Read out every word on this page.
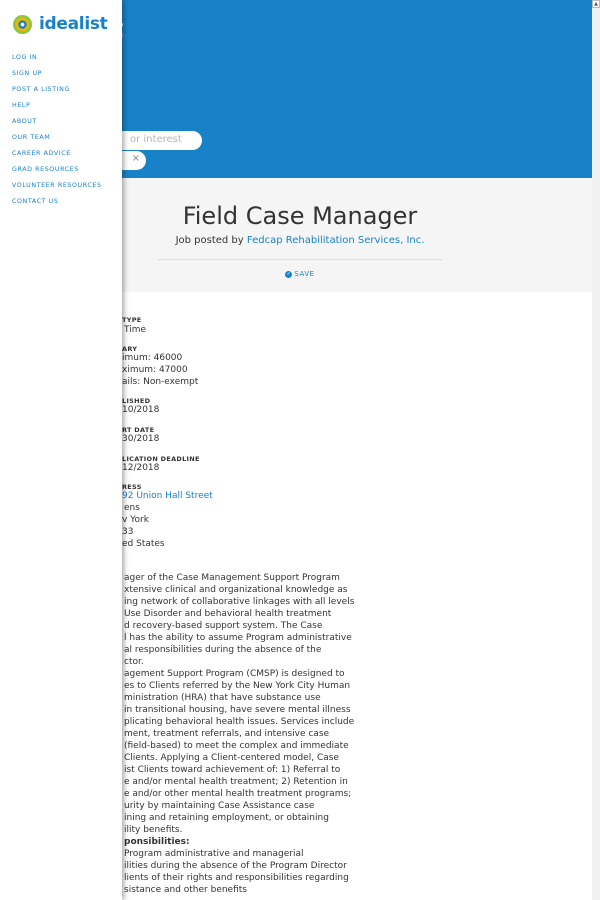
or interest
×
▲
Field Case Manager
Job posted by Fedcap Rehabilitation Services, Inc.
✓ SAVE
TYPE
Time
ARY
imum: 46000
ximum: 47000
ails: Non-exempt
LISHED
10/2018
RT DATE
30/2018
LICATION DEADLINE
12/2018
RESS
92 Union Hall Street
ens
v York
33
ed States
ager of the Case Management Support Program
xtensive clinical and organizational knowledge as
ing network of collaborative linkages with all levels
Use Disorder and behavioral health treatment
d recovery-based support system. The Case
l has the ability to assume Program administrative
al responsibilities during the absence of the
ctor.
agement Support Program (CMSP) is designed to
es to Clients referred by the New York City Human
ministration (HRA) that have substance use
in transitional housing, have severe mental illness
plicating behavioral health issues. Services include
ment, treatment referrals, and intensive case
(field-based) to meet the complex and immediate
Clients. Applying a Client-centered model, Case
ist Clients toward achievement of: 1) Referral to
e and/or mental health treatment; 2) Retention in
e and/or other mental health treatment programs;
urity by maintaining Case Assistance case
ining and retaining employment, or obtaining
ility benefits.
ponsibilities:
Program administrative and managerial
ilities during the absence of the Program Director
lients of their rights and responsibilities regarding
sistance and other benefits
idealist
LOG IN
SIGN UP
POST A LISTING
HELP
ABOUT
OUR TEAM
CAREER ADVICE
GRAD RESOURCES
VOLUNTEER RESOURCES
CONTACT US
